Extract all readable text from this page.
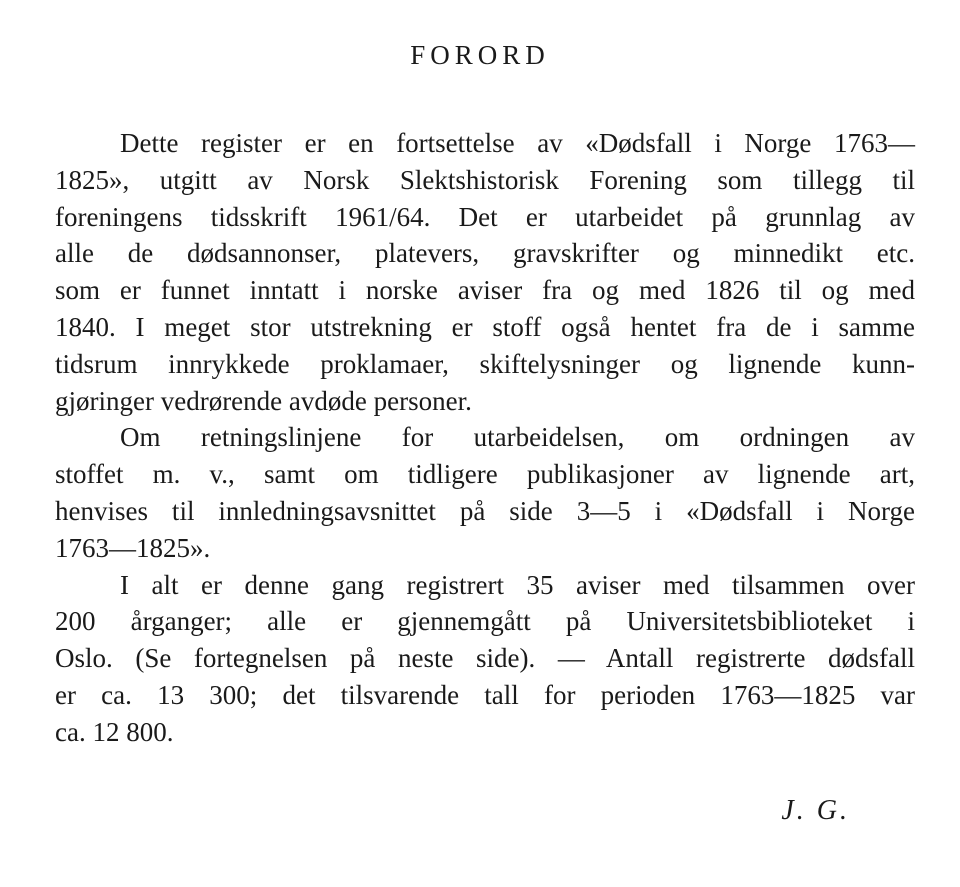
FORORD

Dette register er en fortsettelse av «Dødsfall i Norge 1763—
1825», utgitt av Norsk Slektshistorisk Forening som tillegg til
foreningens tidsskrift 1961/64. Det er utarbeidet på grunnlag av
alle de dødsannonser, platevers, gravskrifter og minnedikt etc.
som er funnet inntatt i norske aviser fra og med 1826 til og med
1840. I meget stor utstrekning er stoff også hentet fra de i samme
tidsrum innrykkede proklamaer, skiftelysninger og lignende kunn-
gjøringer vedrørende avdøde personer.

Om retningslinjene for utarbeidelsen, om ordningen av
stoffet m. v., samt om tidligere publikasjoner av lignende art,
henvises til innledningsavsnittet på side 3—5 i «Dødsfall i Norge
1763—1825».

I alt er denne gang registrert 35 aviser med tilsammen over
200 årganger; alle er gjennemgått på Universitetsbiblioteket i
Oslo. (Se fortegnelsen på neste side). — Antall registrerte dødsfall
er ca. 13 300; det tilsvarende tall for perioden 1763—1825 var
ca. 12 800.

J. G.
